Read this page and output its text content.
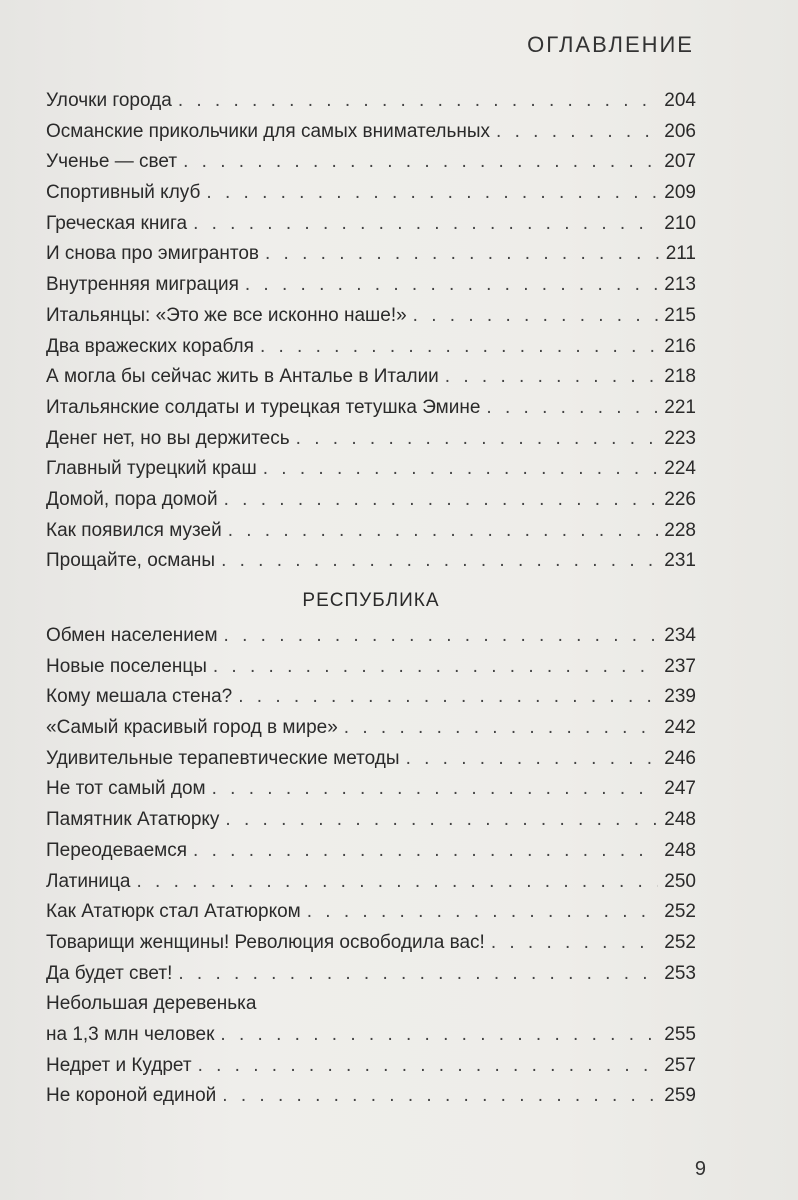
ОГЛАВЛЕНИЕ
Улочки города . . .	204
Османские прикольчики для самых внимательных . . .	206
Ученье — свет . . .	207
Спортивный клуб . . .	209
Греческая книга . . .	210
И снова про эмигрантов . . .	211
Внутренняя миграция . . .	213
Итальянцы: «Это же все исконно наше!» . . .	215
Два вражеских корабля . . .	216
А могла бы сейчас жить в Анталье в Италии . . .	218
Итальянские солдаты и турецкая тетушка Эмине . . .	221
Денег нет, но вы держитесь . . .	223
Главный турецкий краш . . .	224
Домой, пора домой . . .	226
Как появился музей . . .	228
Прощайте, османы . . .	231
РЕСПУБЛИКА
Обмен населением . . .	234
Новые поселенцы . . .	237
Кому мешала стена? . . .	239
«Самый красивый город в мире» . . .	242
Удивительные терапевтические методы . . .	246
Не тот самый дом . . .	247
Памятник Ататюрку . . .	248
Переодеваемся . . .	248
Латиница . . .	250
Как Ататюрк стал Ататюрком . . .	252
Товарищи женщины! Революция освободила вас! . . .	252
Да будет свет! . . .	253
Небольшая деревенька
на 1,3 млн человек . . .	255
Недрет и Кудрет . . .	257
Не короной единой . . .	259
9
